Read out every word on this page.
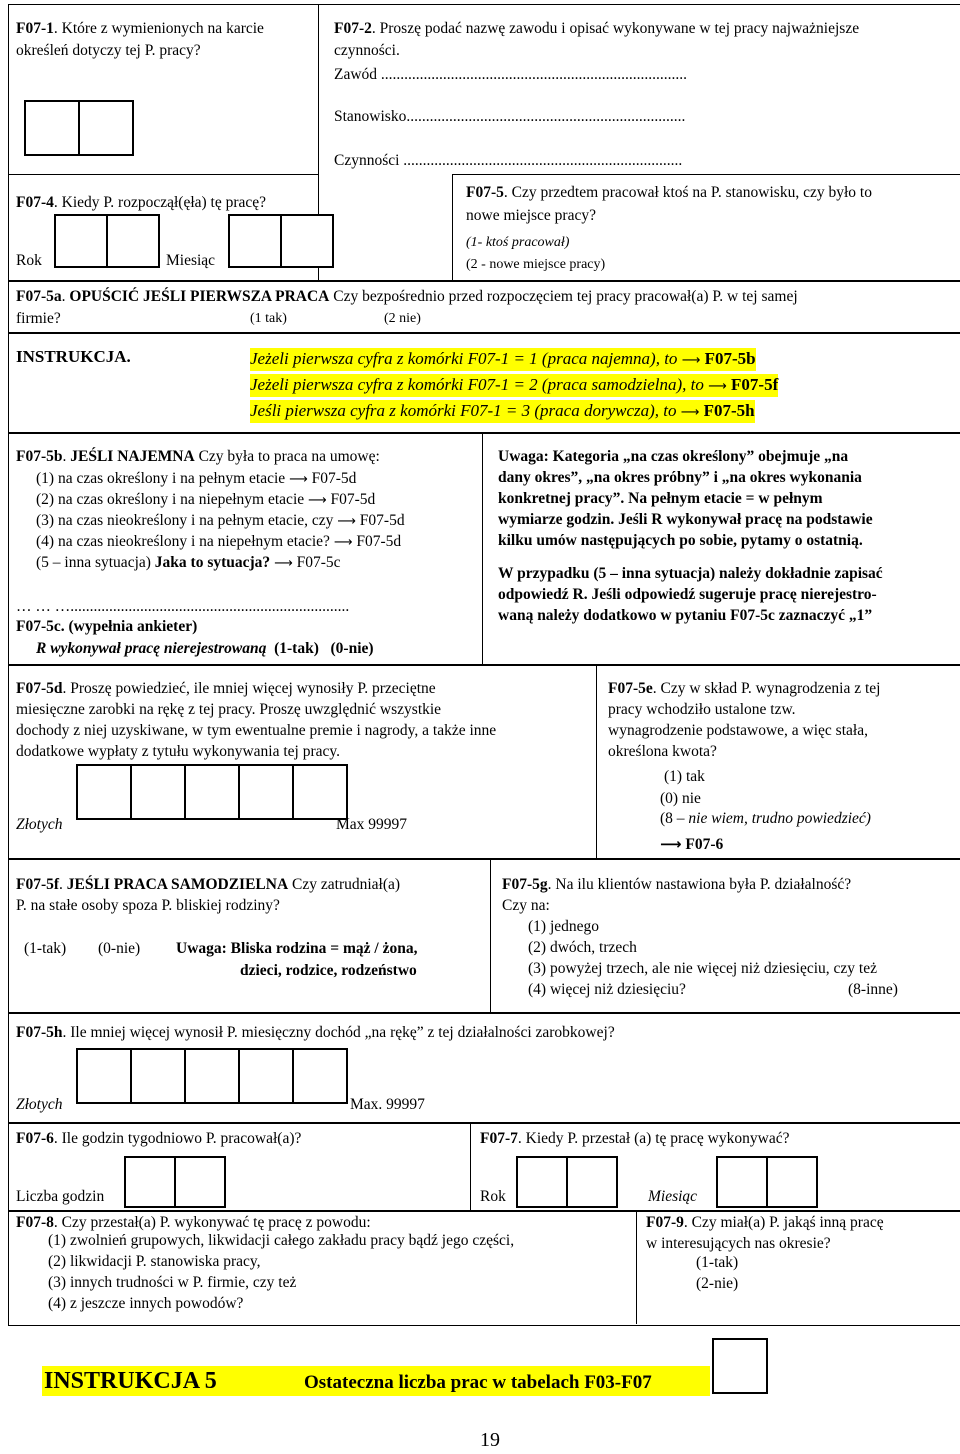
F07-1. Które z wymienionych na karcie
określeń dotyczy tej P. pracy?
F07-2. Proszę podać nazwę zawodu i opisać wykonywane w tej pracy najważniejsze
czynności.
Zawód ...............................................................................
Stanowisko........................................................................
Czynności ........................................................................
F07-4. Kiedy P. rozpoczął(ęła) tę pracę?
Rok	Miesiąc
F07-5. Czy przedtem pracował ktoś na P. stanowisku, czy było to
nowe miejsce pracy?
(1- ktoś pracował)
(2 - nowe miejsce pracy)
F07-5a. OPUŚCIĆ JEŚLI PIERWSZA PRACA Czy bezpośrednio przed rozpoczęciem tej pracy pracował(a) P. w tej samej
firmie?	(1 tak)	(2 nie)
INSTRUKCJA.	Jeżeli pierwsza cyfra z komórki F07-1 = 1 (praca najemna), to ⟶ F07-5b
Jeżeli pierwsza cyfra z komórki F07-1 = 2 (praca samodzielna), to ⟶ F07-5f
Jeśli pierwsza cyfra z komórki F07-1 = 3 (praca dorywcza), to ⟶ F07-5h
F07-5b. JEŚLI NAJEMNA Czy była to praca na umowę:
(1) na czas określony i na pełnym etacie ⟶ F07-5d
(2) na czas określony i na niepełnym etacie ⟶ F07-5d
(3) na czas nieokreślony i na pełnym etacie, czy ⟶ F07-5d
(4) na czas nieokreślony i na niepełnym etacie? ⟶ F07-5d
(5 – inna sytuacja) Jaka to sytuacja? ⟶ F07-5c
… … …........................................................................
Uwaga: Kategoria „na czas określony” obejmuje „na
dany okres”, „na okres próbny” i „na okres wykonania
konkretnej pracy”. Na pełnym etacie = w pełnym
wymiarze godzin. Jeśli R wykonywał pracę na podstawie
kilku umów następujących po sobie, pytamy o ostatnią.
W przypadku (5 – inna sytuacja) należy dokładnie zapisać
odpowiedź R. Jeśli odpowiedź sugeruje pracę nierejestro-
waną należy dodatkowo w pytaniu F07-5c zaznaczyć „1”
F07-5c. (wypełnia ankieter)
R wykonywał pracę nierejestrowaną (1-tak) (0-nie)
F07-5d. Proszę powiedzieć, ile mniej więcej wynosiły P. przeciętne
miesięczne zarobki na rękę z tej pracy. Proszę uwzględnić wszystkie
dochody z niej uzyskiwane, w tym ewentualne premie i nagrody, a także inne
dodatkowe wypłaty z tytułu wykonywania tej pracy.
Złotych	Max 99997
F07-5e. Czy w skład P. wynagrodzenia z tej
pracy wchodziło ustalone tzw.
wynagrodzenie podstawowe, a więc stała,
określona kwota?
(1) tak
(0) nie
(8 – nie wiem, trudno powiedzieć)
⟶ F07-6
F07-5f. JEŚLI PRACA SAMODZIELNA Czy zatrudniał(a)
P. na stałe osoby spoza P. bliskiej rodziny?
(1-tak) (0-nie) Uwaga: Bliska rodzina = mąż / żona,
dzieci, rodzice, rodzeństwo
F07-5g. Na ilu klientów nastawiona była P. działalność?
Czy na:
(1) jednego
(2) dwóch, trzech
(3) powyżej trzech, ale nie więcej niż dziesięciu, czy też
(4) więcej niż dziesięciu?	(8-inne)
F07-5h. Ile mniej więcej wynosił P. miesięczny dochód „na rękę” z tej działalności zarobkowej?
Złotych	Max. 99997
F07-6. Ile godzin tygodniowo P. pracował(a)?
Liczba godzin
F07-7. Kiedy P. przestał (a) tę pracę wykonywać?
Rok	Miesiąc
F07-8. Czy przestał(a) P. wykonywać tę pracę z powodu:
(1) zwolnień grupowych, likwidacji całego zakładu pracy bądź jego części,
(2) likwidacji P. stanowiska pracy,
(3) innych trudności w P. firmie, czy też
(4) z jeszcze innych powodów?
F07-9. Czy miał(a) P. jakąś inną pracę
w interesujących nas okresie?
(1-tak)
(2-nie)
INSTRUKCJA 5	Ostateczna liczba prac w tabelach F03-F07
19
